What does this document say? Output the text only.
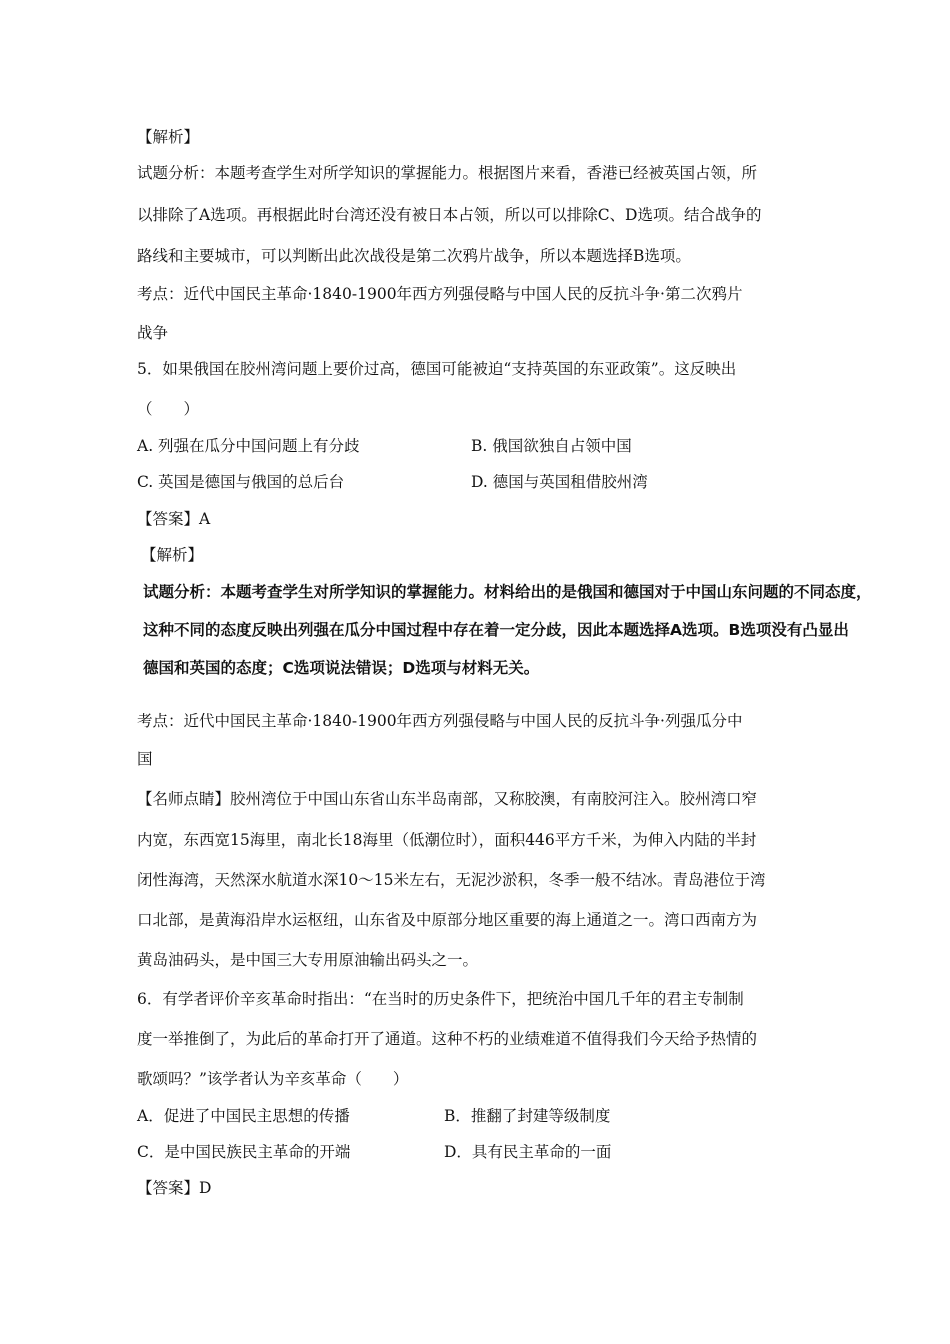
【解析】
试题分析：本题考查学生对所学知识的掌握能力。根据图片来看，香港已经被英国占领，所
以排除了A选项。再根据此时台湾还没有被日本占领，所以可以排除C、D选项。结合战争的
路线和主要城市，可以判断出此次战役是第二次鸦片战争，所以本题选择B选项。
考点：近代中国民主革命·1840-1900年西方列强侵略与中国人民的反抗斗争·第二次鸦片
战争
5．如果俄国在胶州湾问题上要价过高，德国可能被迫“支持英国的东亚政策”。这反映出
（　　）
A. 列强在瓜分中国问题上有分歧	B. 俄国欲独自占领中国
C. 英国是德国与俄国的总后台	D. 德国与英国租借胶州湾
【答案】A
【解析】
试题分析：本题考查学生对所学知识的掌握能力。材料给出的是俄国和德国对于中国山东问题的不同态度，
这种不同的态度反映出列强在瓜分中国过程中存在着一定分歧，因此本题选择A选项。B选项没有凸显出
德国和英国的态度；C选项说法错误；D选项与材料无关。
考点：近代中国民主革命·1840-1900年西方列强侵略与中国人民的反抗斗争·列强瓜分中
国
【名师点睛】胶州湾位于中国山东省山东半岛南部，又称胶澳，有南胶河注入。胶州湾口窄
内宽，东西宽15海里，南北长18海里（低潮位时），面积446平方千米，为伸入内陆的半封
闭性海湾，天然深水航道水深10～15米左右，无泥沙淤积，冬季一般不结冰。青岛港位于湾
口北部，是黄海沿岸水运枢纽，山东省及中原部分地区重要的海上通道之一。湾口西南方为
黄岛油码头，是中国三大专用原油输出码头之一。
6．有学者评价辛亥革命时指出：“在当时的历史条件下，把统治中国几千年的君主专制制
度一举推倒了，为此后的革命打开了通道。这种不朽的业绩难道不值得我们今天给予热情的
歌颂吗？”该学者认为辛亥革命（　　）
A．促进了中国民主思想的传播	B．推翻了封建等级制度
C．是中国民族民主革命的开端	D．具有民主革命的一面
【答案】D
